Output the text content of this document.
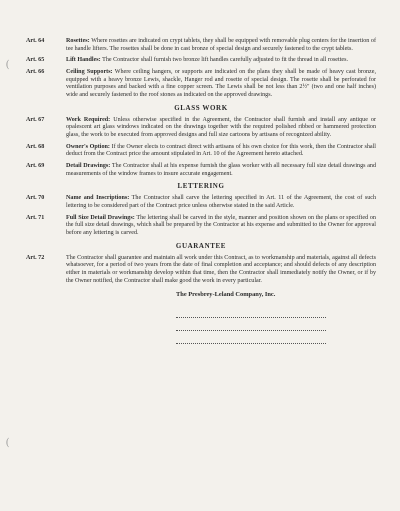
(
(
Art. 64	Rosettes: Where rosettes are indicated on crypt tablets, they shall be equipped with removable plug centers for the insertion of tee handle lifters. The rosettes shall be done in cast bronze of special design and securely fastened to the crypt tablets.
Art. 65	Lift Handles: The Contractor shall furnish two bronze lift handles carefully adjusted to fit the thread in all rosettes.
Art. 66	Ceiling Supports: Where ceiling hangers, or supports are indicated on the plans they shall be made of heavy cast bronze, equipped with a heavy bronze Lewis, shackle, Hanger rod and rosette of special design. The rosette shall be perforated for ventilation purposes and backed with a fine copper screen. The Lewis shall be not less than 2½" (two and one half inches) wide and securely fastened to the roof stones as indicated on the approved drawings.
GLASS WORK
Art. 67	Work Required: Unless otherwise specified in the Agreement, the Contractor shall furnish and install any antique or opalescent art glass windows indicated on the drawings together with the required polished ribbed or hammered protection glass, the work to be executed from approved designs and full size cartoons by artisans of recognized ability.
Art. 68	Owner's Option: If the Owner elects to contract direct with artisans of his own choice for this work, then the Contractor shall deduct from the Contract price the amount stipulated in Art. 10 of the Agreement hereto attached.
Art. 69	Detail Drawings: The Contractor shall at his expense furnish the glass worker with all necessary full size detail drawings and measurements of the window frames to insure accurate engagement.
LETTERING
Art. 70	Name and Inscriptions: The Contractor shall carve the lettering specified in Art. 11 of the Agreement, the cost of such lettering to be considered part of the Contract price unless otherwise stated in the said Article.
Art. 71	Full Size Detail Drawings: The lettering shall be carved in the style, manner and position shown on the plans or specified on the full size detail drawings, which shall be prepared by the Contractor at his expense and submitted to the Owner for approval before any lettering is carved.
GUARANTEE
Art. 72	The Contractor shall guarantee and maintain all work under this Contract, as to workmanship and materials, against all defects whatsoever, for a period of two years from the date of final completion and acceptance; and should defects of any description either in materials or workmanship develop within that time, then the Contractor shall immediately notify the Owner, or if by the Owner notified, the Contractor shall make good the work in every particular.
The Presbrey-Leland Company, Inc.
